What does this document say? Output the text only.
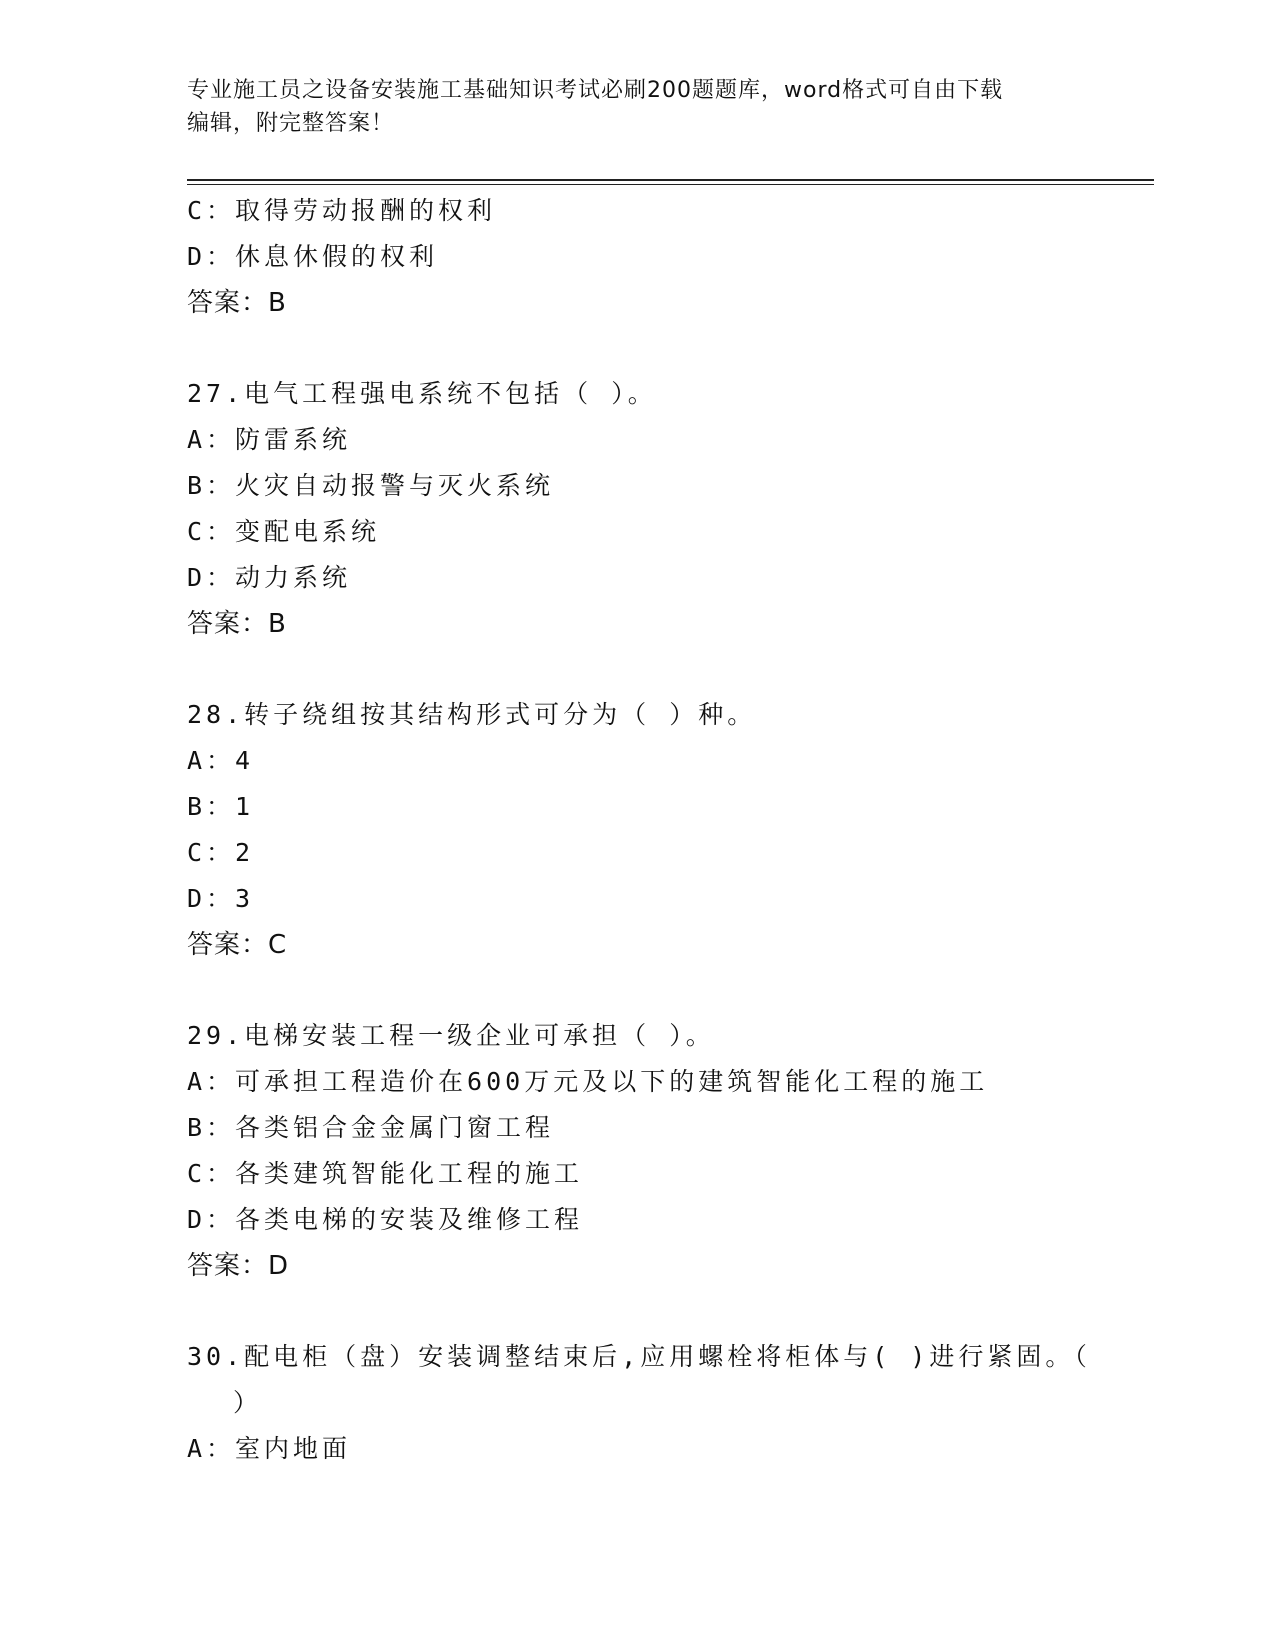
专业施工员之设备安装施工基础知识考试必刷200题题库，word格式可自由下载
编辑，附完整答案！
C：取得劳动报酬的权利
D：休息休假的权利
答案：B
27.电气工程强电系统不包括（ ）。
A：防雷系统
B：火灾自动报警与灭火系统
C：变配电系统
D：动力系统
答案：B
28.转子绕组按其结构形式可分为（ ）种。
A：4
B：1
C：2
D：3
答案：C
29.电梯安装工程一级企业可承担（ ）。
A：可承担工程造价在600万元及以下的建筑智能化工程的施工
B：各类铝合金金属门窗工程
C：各类建筑智能化工程的施工
D：各类电梯的安装及维修工程
答案：D
30.配电柜（盘）安装调整结束后,应用螺栓将柜体与( )进行紧固。（
）
A：室内地面
